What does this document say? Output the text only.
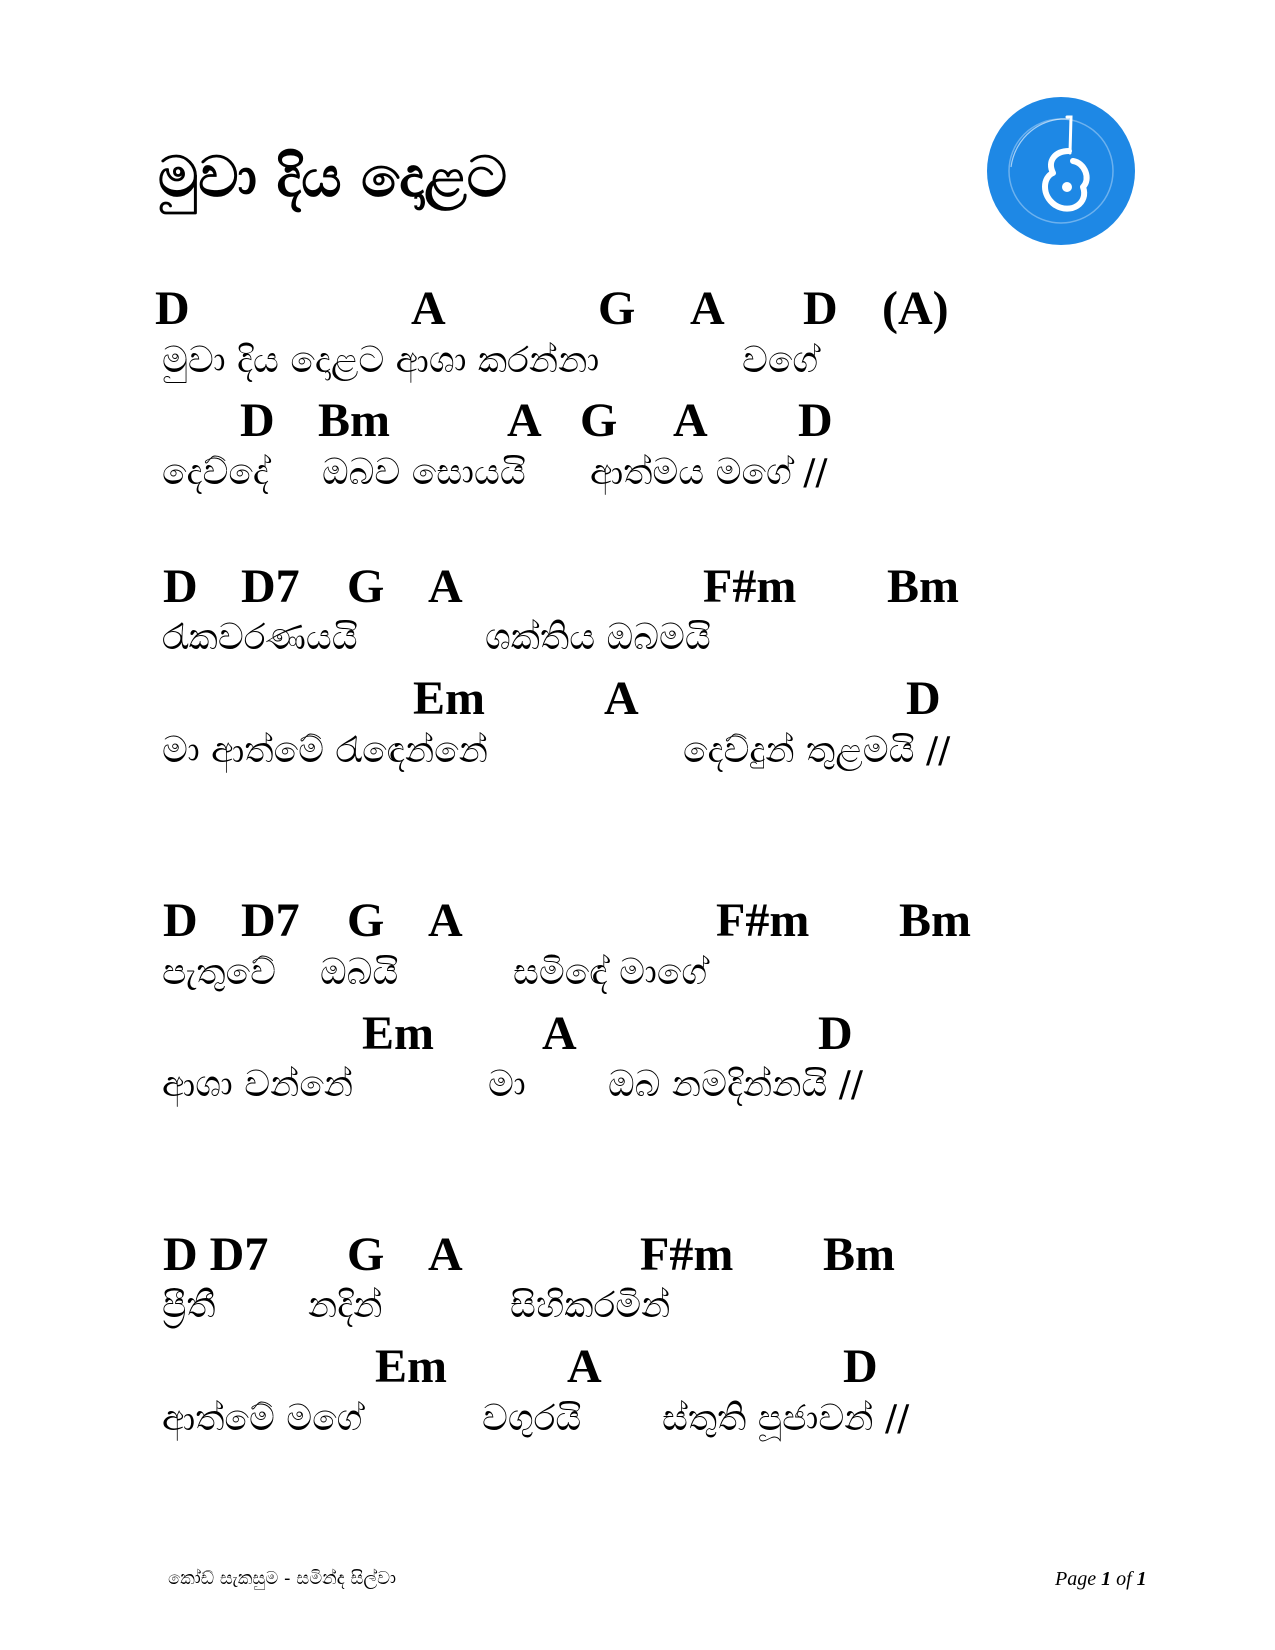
මුවා දිය දොළට
D	A	G A D (A)
මුවා දිය දොළට ආශා කරන්නා	වගේ
D Bm A G A D
දෙව්දේ ඔබව සොයයි ආත්මය මගේ //
D D7 G A	F#m Bm
රැකවරණයයි	ශක්තිය ඔබමයි
Em A	D
මා ආත්මේ රැඳෙන්නේ	දෙව්දුන් තුළමයි //
D D7 G A	F#m Bm
පැතුවේ ඔබයි	සමිඳේ මාගේ
Em A	D
ආශා වන්නේ	මා ඔබ නමදින්නයි //
D D7 G A	F#m Bm
ප්‍රීතී	නදින්	සිහිකරමින්
Em	A	D
ආත්මේ මගේ	වගුරයි ස්තුති පූජාවන් //
කෝඩ් සැකසුම - සමින්ද සිල්වා	Page 1 of 1
